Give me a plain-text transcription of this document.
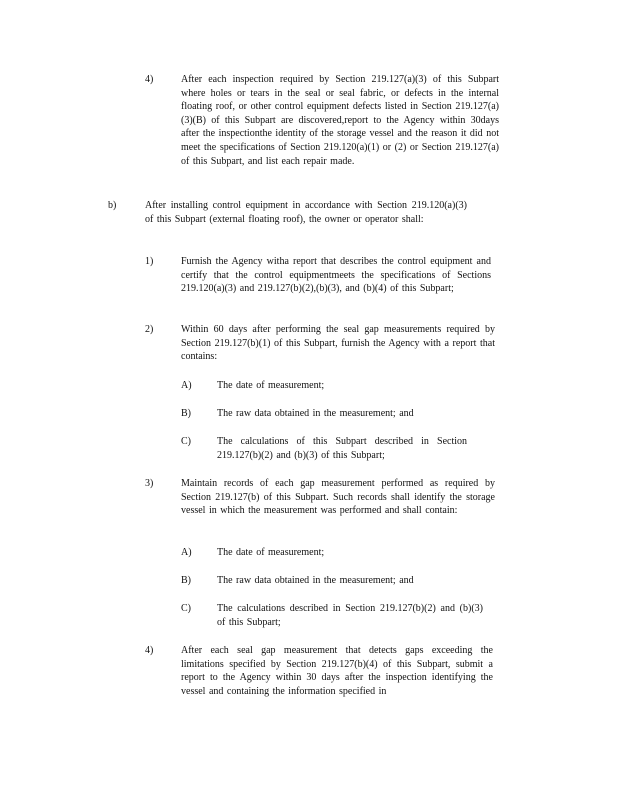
4)	After each inspection required by Section 219.127(a)(3) of this Subpart where holes or tears in the seal or seal fabric, or defects in the internal floating roof, or other control equipment defects listed in Section 219.127(a)(3)(B) of this Subpart are discovered,report to the Agency within 30days after the inspectionthe identity of the storage vessel and the reason it did not meet the specifications of Section 219.120(a)(1) or (2) or Section 219.127(a) of this Subpart, and list each repair made.
b)	After installing control equipment in accordance with Section 219.120(a)(3) of this Subpart (external floating roof), the owner or operator shall:
1)	Furnish the Agency witha report that describes the control equipment and certify that the control equipmentmeets the specifications of Sections 219.120(a)(3) and 219.127(b)(2),(b)(3), and (b)(4) of this Subpart;
2)	Within 60 days after performing the seal gap measurements required by Section 219.127(b)(1) of this Subpart, furnish the Agency with a report that contains:
A)	The date of measurement;
B)	The raw data obtained in the measurement; and
C)	The calculations of this Subpart described in Section 219.127(b)(2) and (b)(3) of this Subpart;
3)	Maintain records of each gap measurement performed as required by Section 219.127(b) of this Subpart. Such records shall identify the storage vessel in which the measurement was performed and shall contain:
A)	The date of measurement;
B)	The raw data obtained in the measurement; and
C)	The calculations described in Section 219.127(b)(2) and (b)(3) of this Subpart;
4)	After each seal gap measurement that detects gaps exceeding the limitations specified by Section 219.127(b)(4) of this Subpart, submit a report to the Agency within 30 days after the inspection identifying the vessel and containing the information specified in
